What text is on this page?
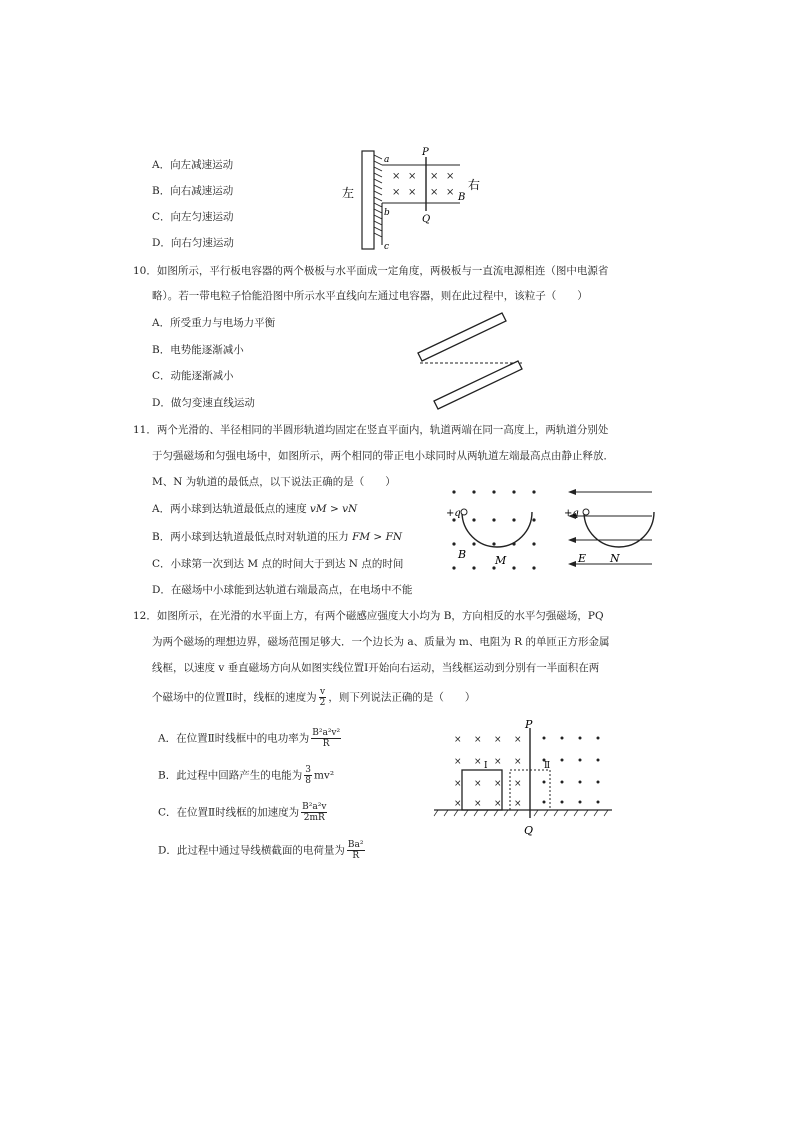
A．向左减速运动
B．向右减速运动
C．向左匀速运动
D．向右匀速运动
× × × ×
× × × ×
左
右
a
b
c
P
Q
B
10．如图所示，平行板电容器的两个极板与水平面成一定角度，两极板与一直流电源相连（图中电源省
略）。若一带电粒子恰能沿图中所示水平直线向左通过电容器，则在此过程中，该粒子（　　）
A．所受重力与电场力平衡
B．电势能逐渐减小
C．动能逐渐减小
D．做匀变速直线运动
11．两个光滑的、半径相同的半圆形轨道均固定在竖直平面内，轨道两端在同一高度上，两轨道分别处
于匀强磁场和匀强电场中，如图所示，两个相同的带正电小球同时从两轨道左端最高点由静止释放．
M、N 为轨道的最低点，以下说法正确的是（　　）
A．两小球到达轨道最低点的速度 vM > vN
B．两小球到达轨道最低点时对轨道的压力 FM > FN
C．小球第一次到达 M 点的时间大于到达 N 点的时间
D．在磁场中小球能到达轨道右端最高点，在电场中不能
+q
B	M
+q
E N
12．如图所示，在光滑的水平面上方，有两个磁感应强度大小均为 B，方向相反的水平匀强磁场，PQ
为两个磁场的理想边界，磁场范围足够大．一个边长为 a、质量为 m、电阻为 R 的单匝正方形金属
线框，以速度 v 垂直磁场方向从如图实线位置Ⅰ开始向右运动，当线框运动到分别有一半面积在两
个磁场中的位置Ⅱ时，线框的速度为 $\frac{v}{2}$ ，则下列说法正确的是（　　）
A．在位置Ⅱ时线框中的电功率为 $\frac{\text{B²a²v²}}{R}$
B．此过程中回路产生的电能为 $\frac{3}{8} mv^2$
C．在位置Ⅱ时线框的加速度为 $\frac{\text{B²a²v}}{2mR}$
D．此过程中通过导线横截面的电荷量为 $\frac{\text{Ba²}}{R}$
× × × ×
× × × ×
× × × ×
× × × ×
P
Q
Ⅰ	Ⅱ
